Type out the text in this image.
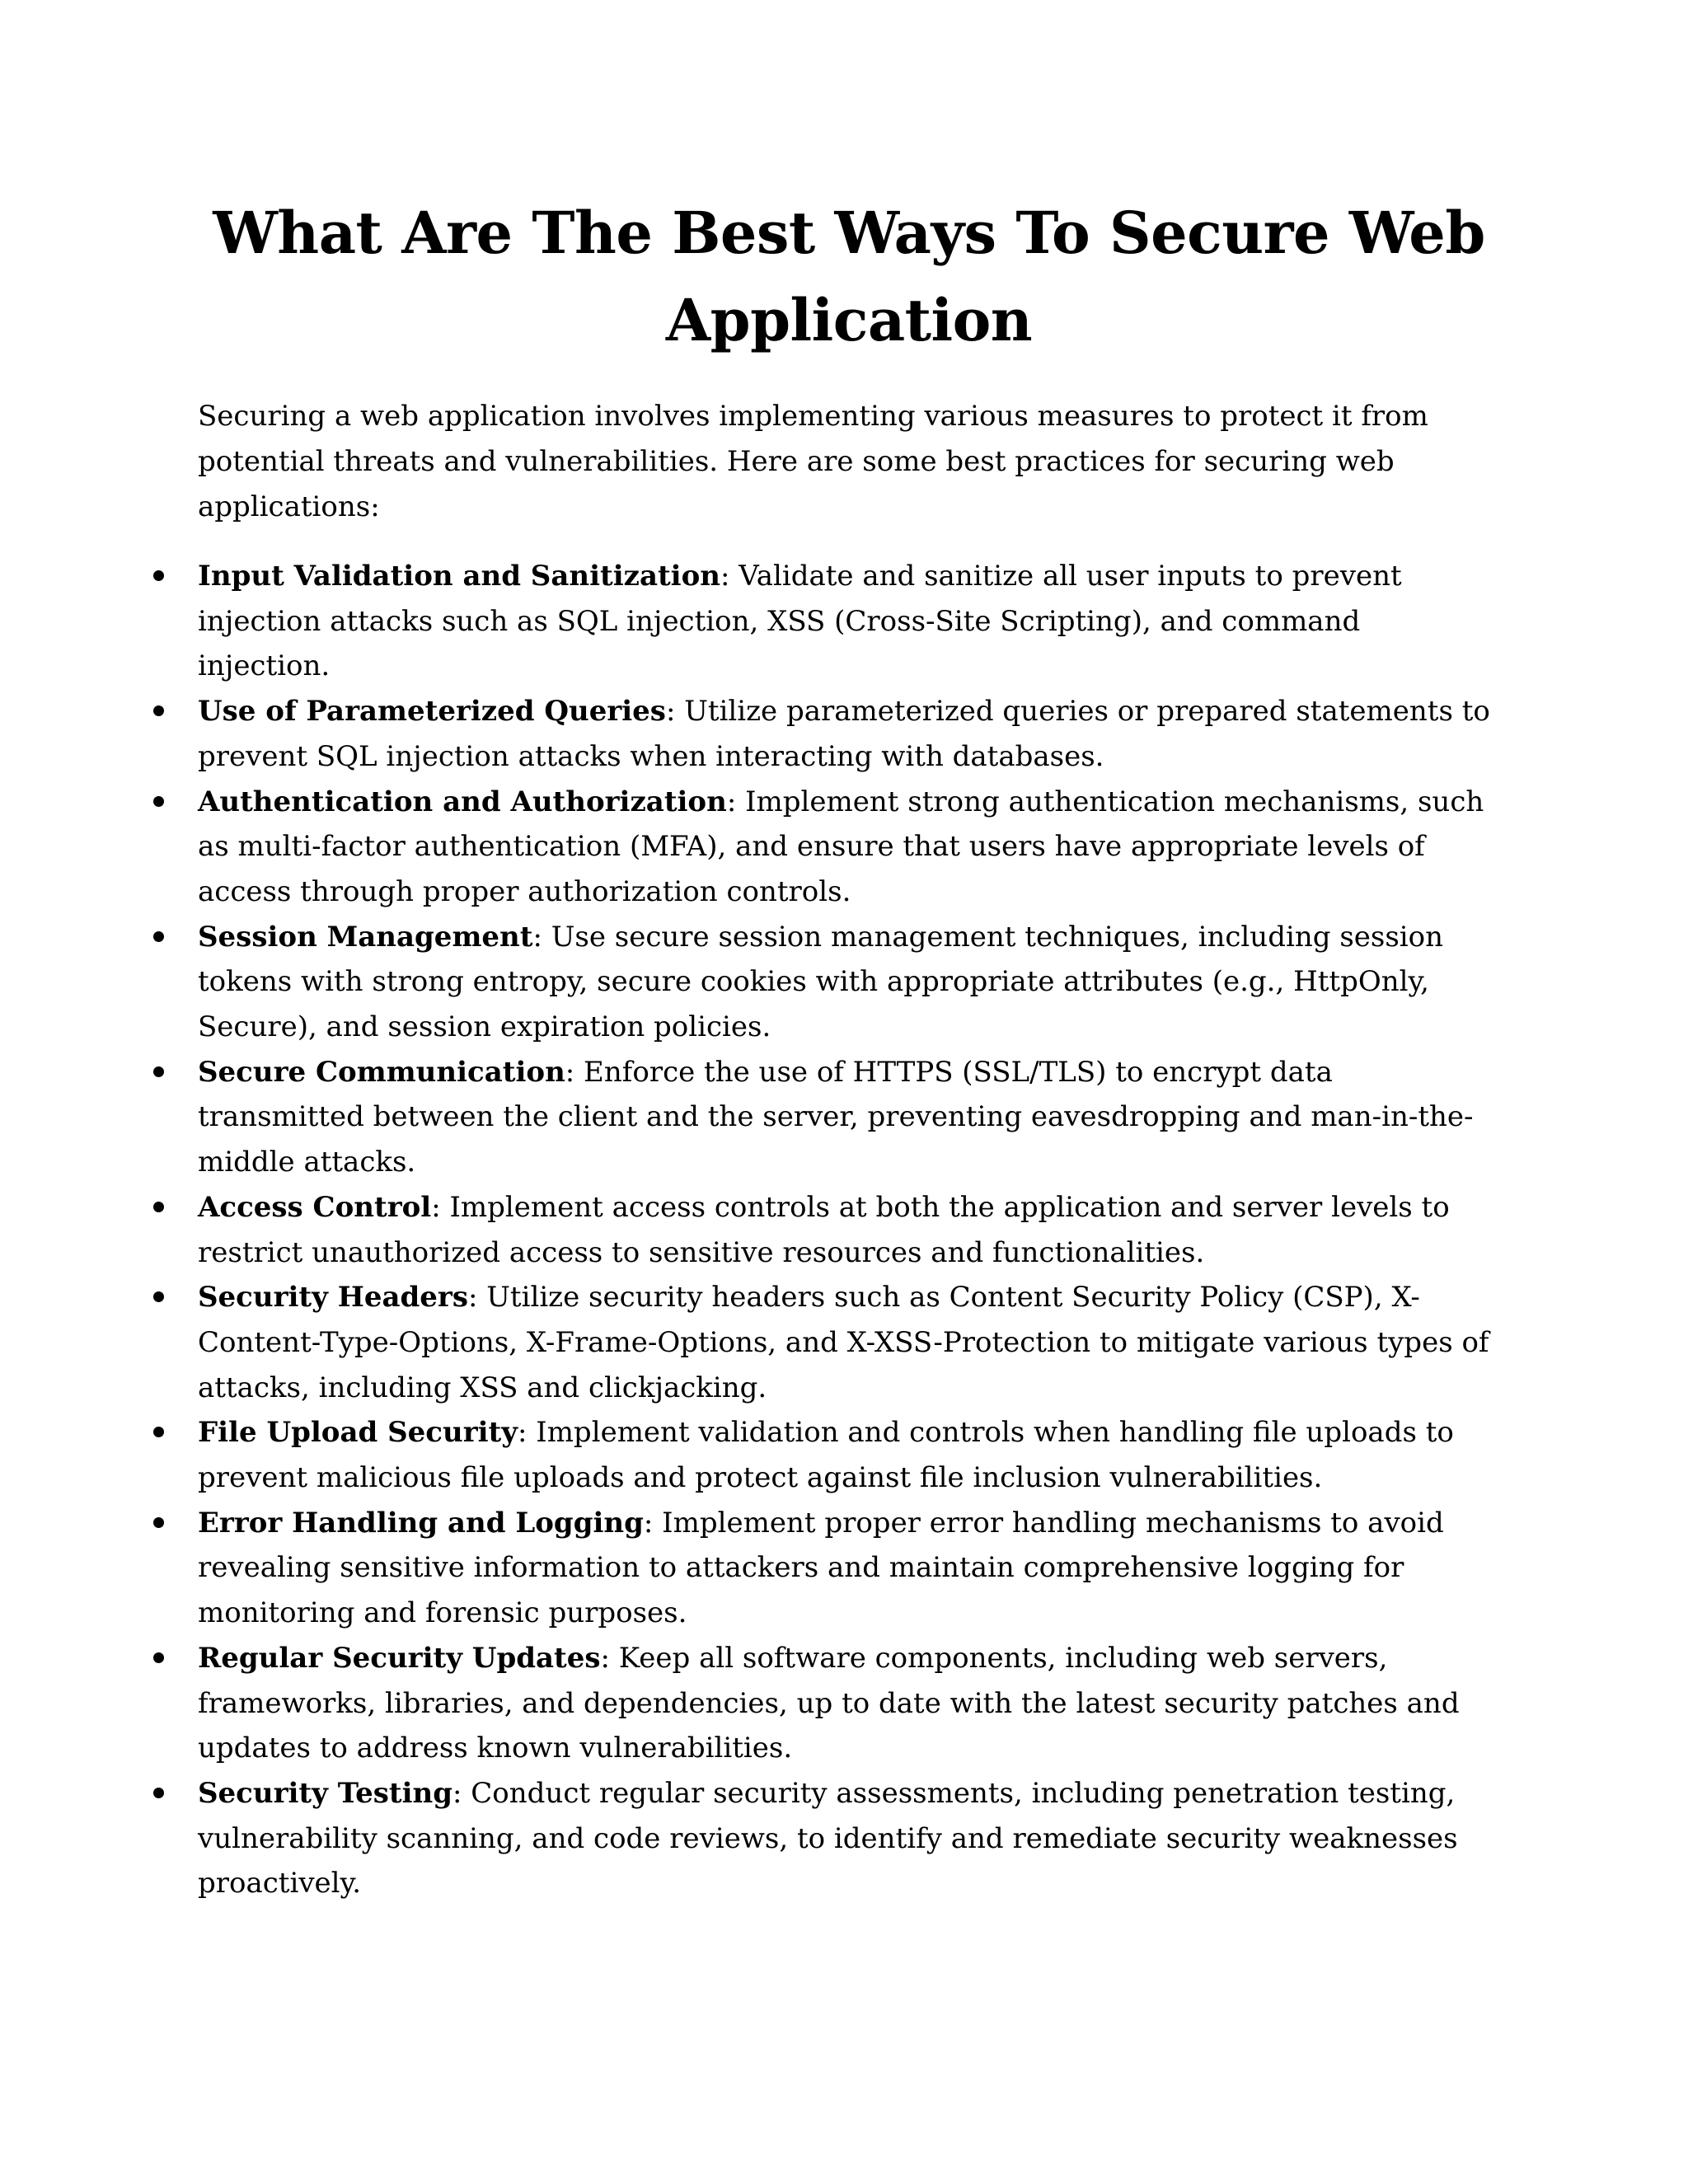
What Are The Best Ways To Secure Web Application

Securing a web application involves implementing various measures to protect it from potential threats and vulnerabilities. Here are some best practices for securing web applications:

Input Validation and Sanitization: Validate and sanitize all user inputs to prevent injection attacks such as SQL injection, XSS (Cross-Site Scripting), and command injection.
Use of Parameterized Queries: Utilize parameterized queries or prepared statements to prevent SQL injection attacks when interacting with databases.
Authentication and Authorization: Implement strong authentication mechanisms, such as multi-factor authentication (MFA), and ensure that users have appropriate levels of access through proper authorization controls.
Session Management: Use secure session management techniques, including session tokens with strong entropy, secure cookies with appropriate attributes (e.g., HttpOnly, Secure), and session expiration policies.
Secure Communication: Enforce the use of HTTPS (SSL/TLS) to encrypt data transmitted between the client and the server, preventing eavesdropping and man-in-the-middle attacks.
Access Control: Implement access controls at both the application and server levels to restrict unauthorized access to sensitive resources and functionalities.
Security Headers: Utilize security headers such as Content Security Policy (CSP), X-Content-Type-Options, X-Frame-Options, and X-XSS-Protection to mitigate various types of attacks, including XSS and clickjacking.
File Upload Security: Implement validation and controls when handling file uploads to prevent malicious file uploads and protect against file inclusion vulnerabilities.
Error Handling and Logging: Implement proper error handling mechanisms to avoid revealing sensitive information to attackers and maintain comprehensive logging for monitoring and forensic purposes.
Regular Security Updates: Keep all software components, including web servers, frameworks, libraries, and dependencies, up to date with the latest security patches and updates to address known vulnerabilities.
Security Testing: Conduct regular security assessments, including penetration testing, vulnerability scanning, and code reviews, to identify and remediate security weaknesses proactively.
